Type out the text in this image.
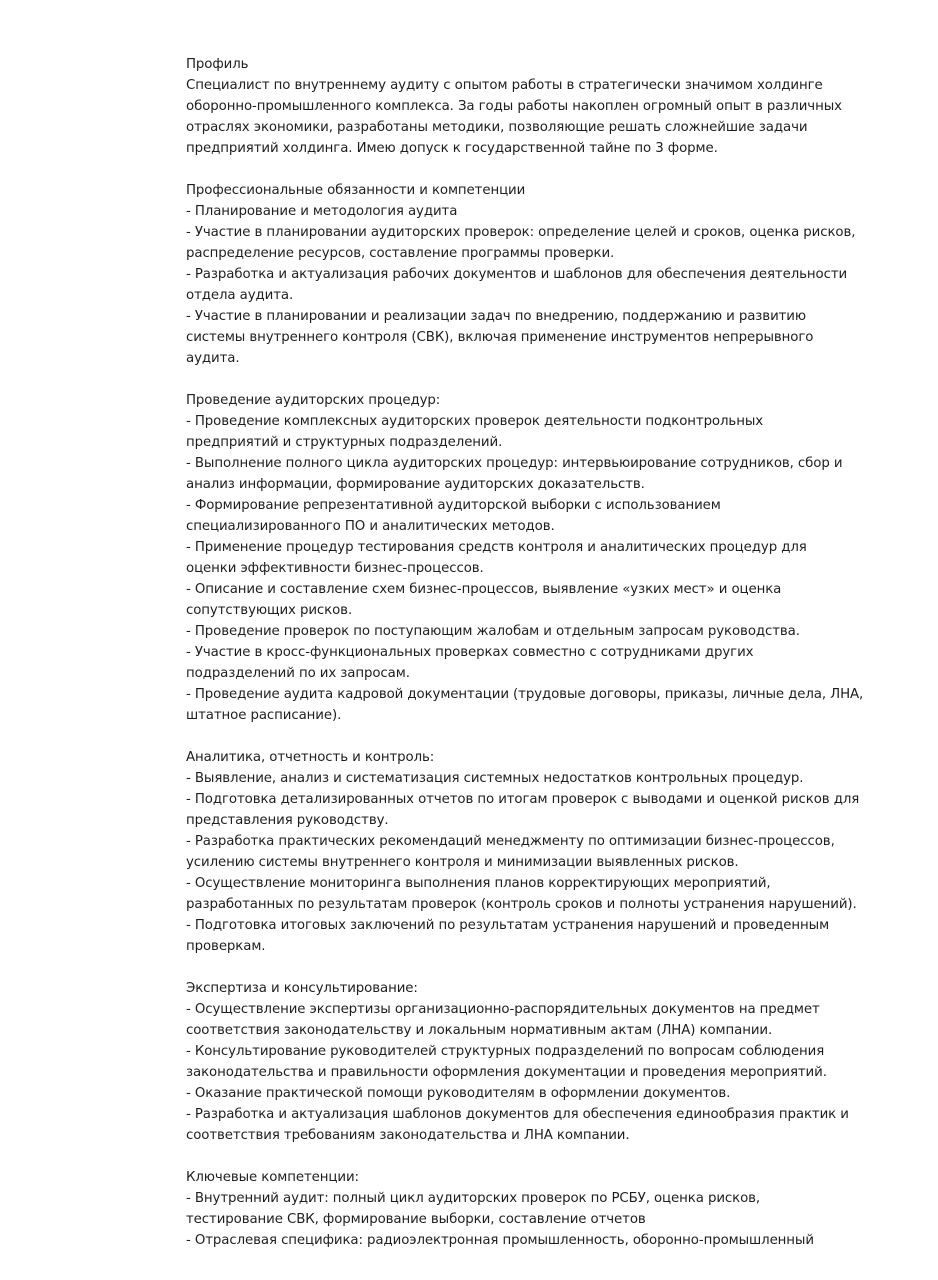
Профиль
Специалист по внутреннему аудиту с опытом работы в стратегически значимом холдинге
оборонно-промышленного комплекса. За годы работы накоплен огромный опыт в различных
отраслях экономики, разработаны методики, позволяющие решать сложнейшие задачи
предприятий холдинга. Имею допуск к государственной тайне по 3 форме.
Профессиональные обязанности и компетенции
- Планирование и методология аудита
- Участие в планировании аудиторских проверок: определение целей и сроков, оценка рисков,
распределение ресурсов, составление программы проверки.
- Разработка и актуализация рабочих документов и шаблонов для обеспечения деятельности
отдела аудита.
- Участие в планировании и реализации задач по внедрению, поддержанию и развитию
системы внутреннего контроля (СВК), включая применение инструментов непрерывного
аудита.
Проведение аудиторских процедур:
- Проведение комплексных аудиторских проверок деятельности подконтрольных
предприятий и структурных подразделений.
- Выполнение полного цикла аудиторских процедур: интервьюирование сотрудников, сбор и
анализ информации, формирование аудиторских доказательств.
- Формирование репрезентативной аудиторской выборки с использованием
специализированного ПО и аналитических методов.
- Применение процедур тестирования средств контроля и аналитических процедур для
оценки эффективности бизнес-процессов.
- Описание и составление схем бизнес-процессов, выявление «узких мест» и оценка
сопутствующих рисков.
- Проведение проверок по поступающим жалобам и отдельным запросам руководства.
- Участие в кросс-функциональных проверках совместно с сотрудниками других
подразделений по их запросам.
- Проведение аудита кадровой документации (трудовые договоры, приказы, личные дела, ЛНА,
штатное расписание).
Аналитика, отчетность и контроль:
- Выявление, анализ и систематизация системных недостатков контрольных процедур.
- Подготовка детализированных отчетов по итогам проверок с выводами и оценкой рисков для
представления руководству.
- Разработка практических рекомендаций менеджменту по оптимизации бизнес-процессов,
усилению системы внутреннего контроля и минимизации выявленных рисков.
- Осуществление мониторинга выполнения планов корректирующих мероприятий,
разработанных по результатам проверок (контроль сроков и полноты устранения нарушений).
- Подготовка итоговых заключений по результатам устранения нарушений и проведенным
проверкам.
Экспертиза и консультирование:
- Осуществление экспертизы организационно-распорядительных документов на предмет
соответствия законодательству и локальным нормативным актам (ЛНА) компании.
- Консультирование руководителей структурных подразделений по вопросам соблюдения
законодательства и правильности оформления документации и проведения мероприятий.
- Оказание практической помощи руководителям в оформлении документов.
- Разработка и актуализация шаблонов документов для обеспечения единообразия практик и
соответствия требованиям законодательства и ЛНА компании.
Ключевые компетенции:
- Внутренний аудит: полный цикл аудиторских проверок по РСБУ, оценка рисков,
тестирование СВК, формирование выборки, составление отчетов
- Отраслевая специфика: радиоэлектронная промышленность, оборонно-промышленный
